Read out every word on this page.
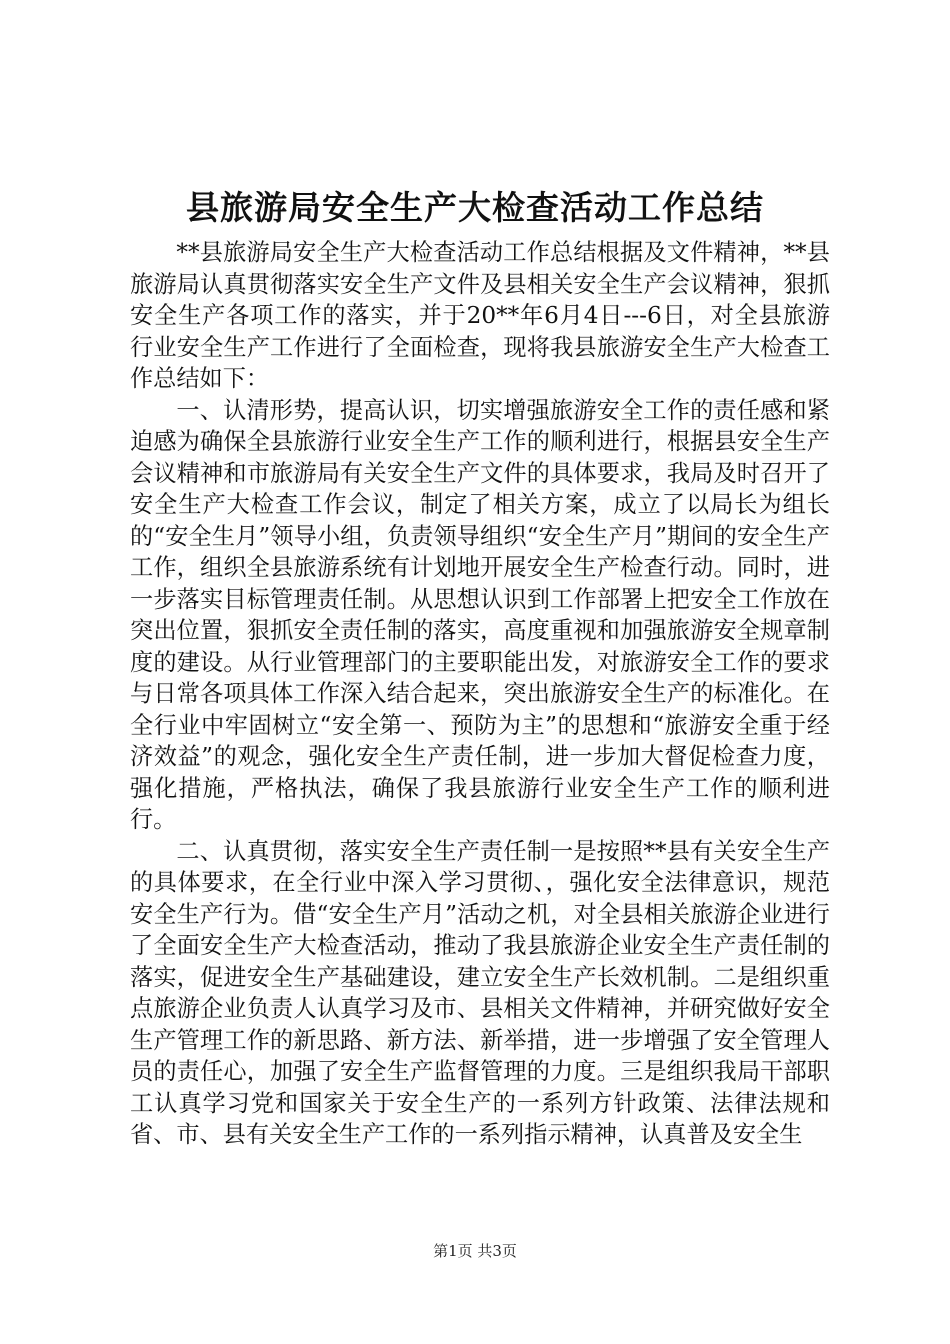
县旅游局安全生产大检查活动工作总结

**县旅游局安全生产大检查活动工作总结根据及文件精神，**县旅游局认真贯彻落实安全生产文件及县相关安全生产会议精神，狠抓安全生产各项工作的落实，并于20**年6月4日---6日，对全县旅游行业安全生产工作进行了全面检查，现将我县旅游安全生产大检查工作总结如下：

一、认清形势，提高认识，切实增强旅游安全工作的责任感和紧迫感为确保全县旅游行业安全生产工作的顺利进行，根据县安全生产会议精神和市旅游局有关安全生产文件的具体要求，我局及时召开了安全生产大检查工作会议，制定了相关方案，成立了以局长为组长的“安全生月”领导小组，负责领导组织“安全生产月”期间的安全生产工作，组织全县旅游系统有计划地开展安全生产检查行动。同时，进一步落实目标管理责任制。从思想认识到工作部署上把安全工作放在突出位置，狠抓安全责任制的落实，高度重视和加强旅游安全规章制度的建设。从行业管理部门的主要职能出发，对旅游安全工作的要求与日常各项具体工作深入结合起来，突出旅游安全生产的标准化。在全行业中牢固树立“安全第一、预防为主”的思想和“旅游安全重于经济效益”的观念，强化安全生产责任制，进一步加大督促检查力度，强化措施，严格执法，确保了我县旅游行业安全生产工作的顺利进行。

二、认真贯彻，落实安全生产责任制一是按照**县有关安全生产的具体要求，在全行业中深入学习贯彻、，强化安全法律意识，规范安全生产行为。借“安全生产月”活动之机，对全县相关旅游企业进行了全面安全生产大检查活动，推动了我县旅游企业安全生产责任制的落实，促进安全生产基础建设，建立安全生产长效机制。二是组织重点旅游企业负责人认真学习及市、县相关文件精神，并研究做好安全生产管理工作的新思路、新方法、新举措，进一步增强了安全管理人员的责任心，加强了安全生产监督管理的力度。三是组织我局干部职工认真学习党和国家关于安全生产的一系列方针政策、法律法规和省、市、县有关安全生产工作的一系列指示精神，认真普及安全生

第1页 共3页
